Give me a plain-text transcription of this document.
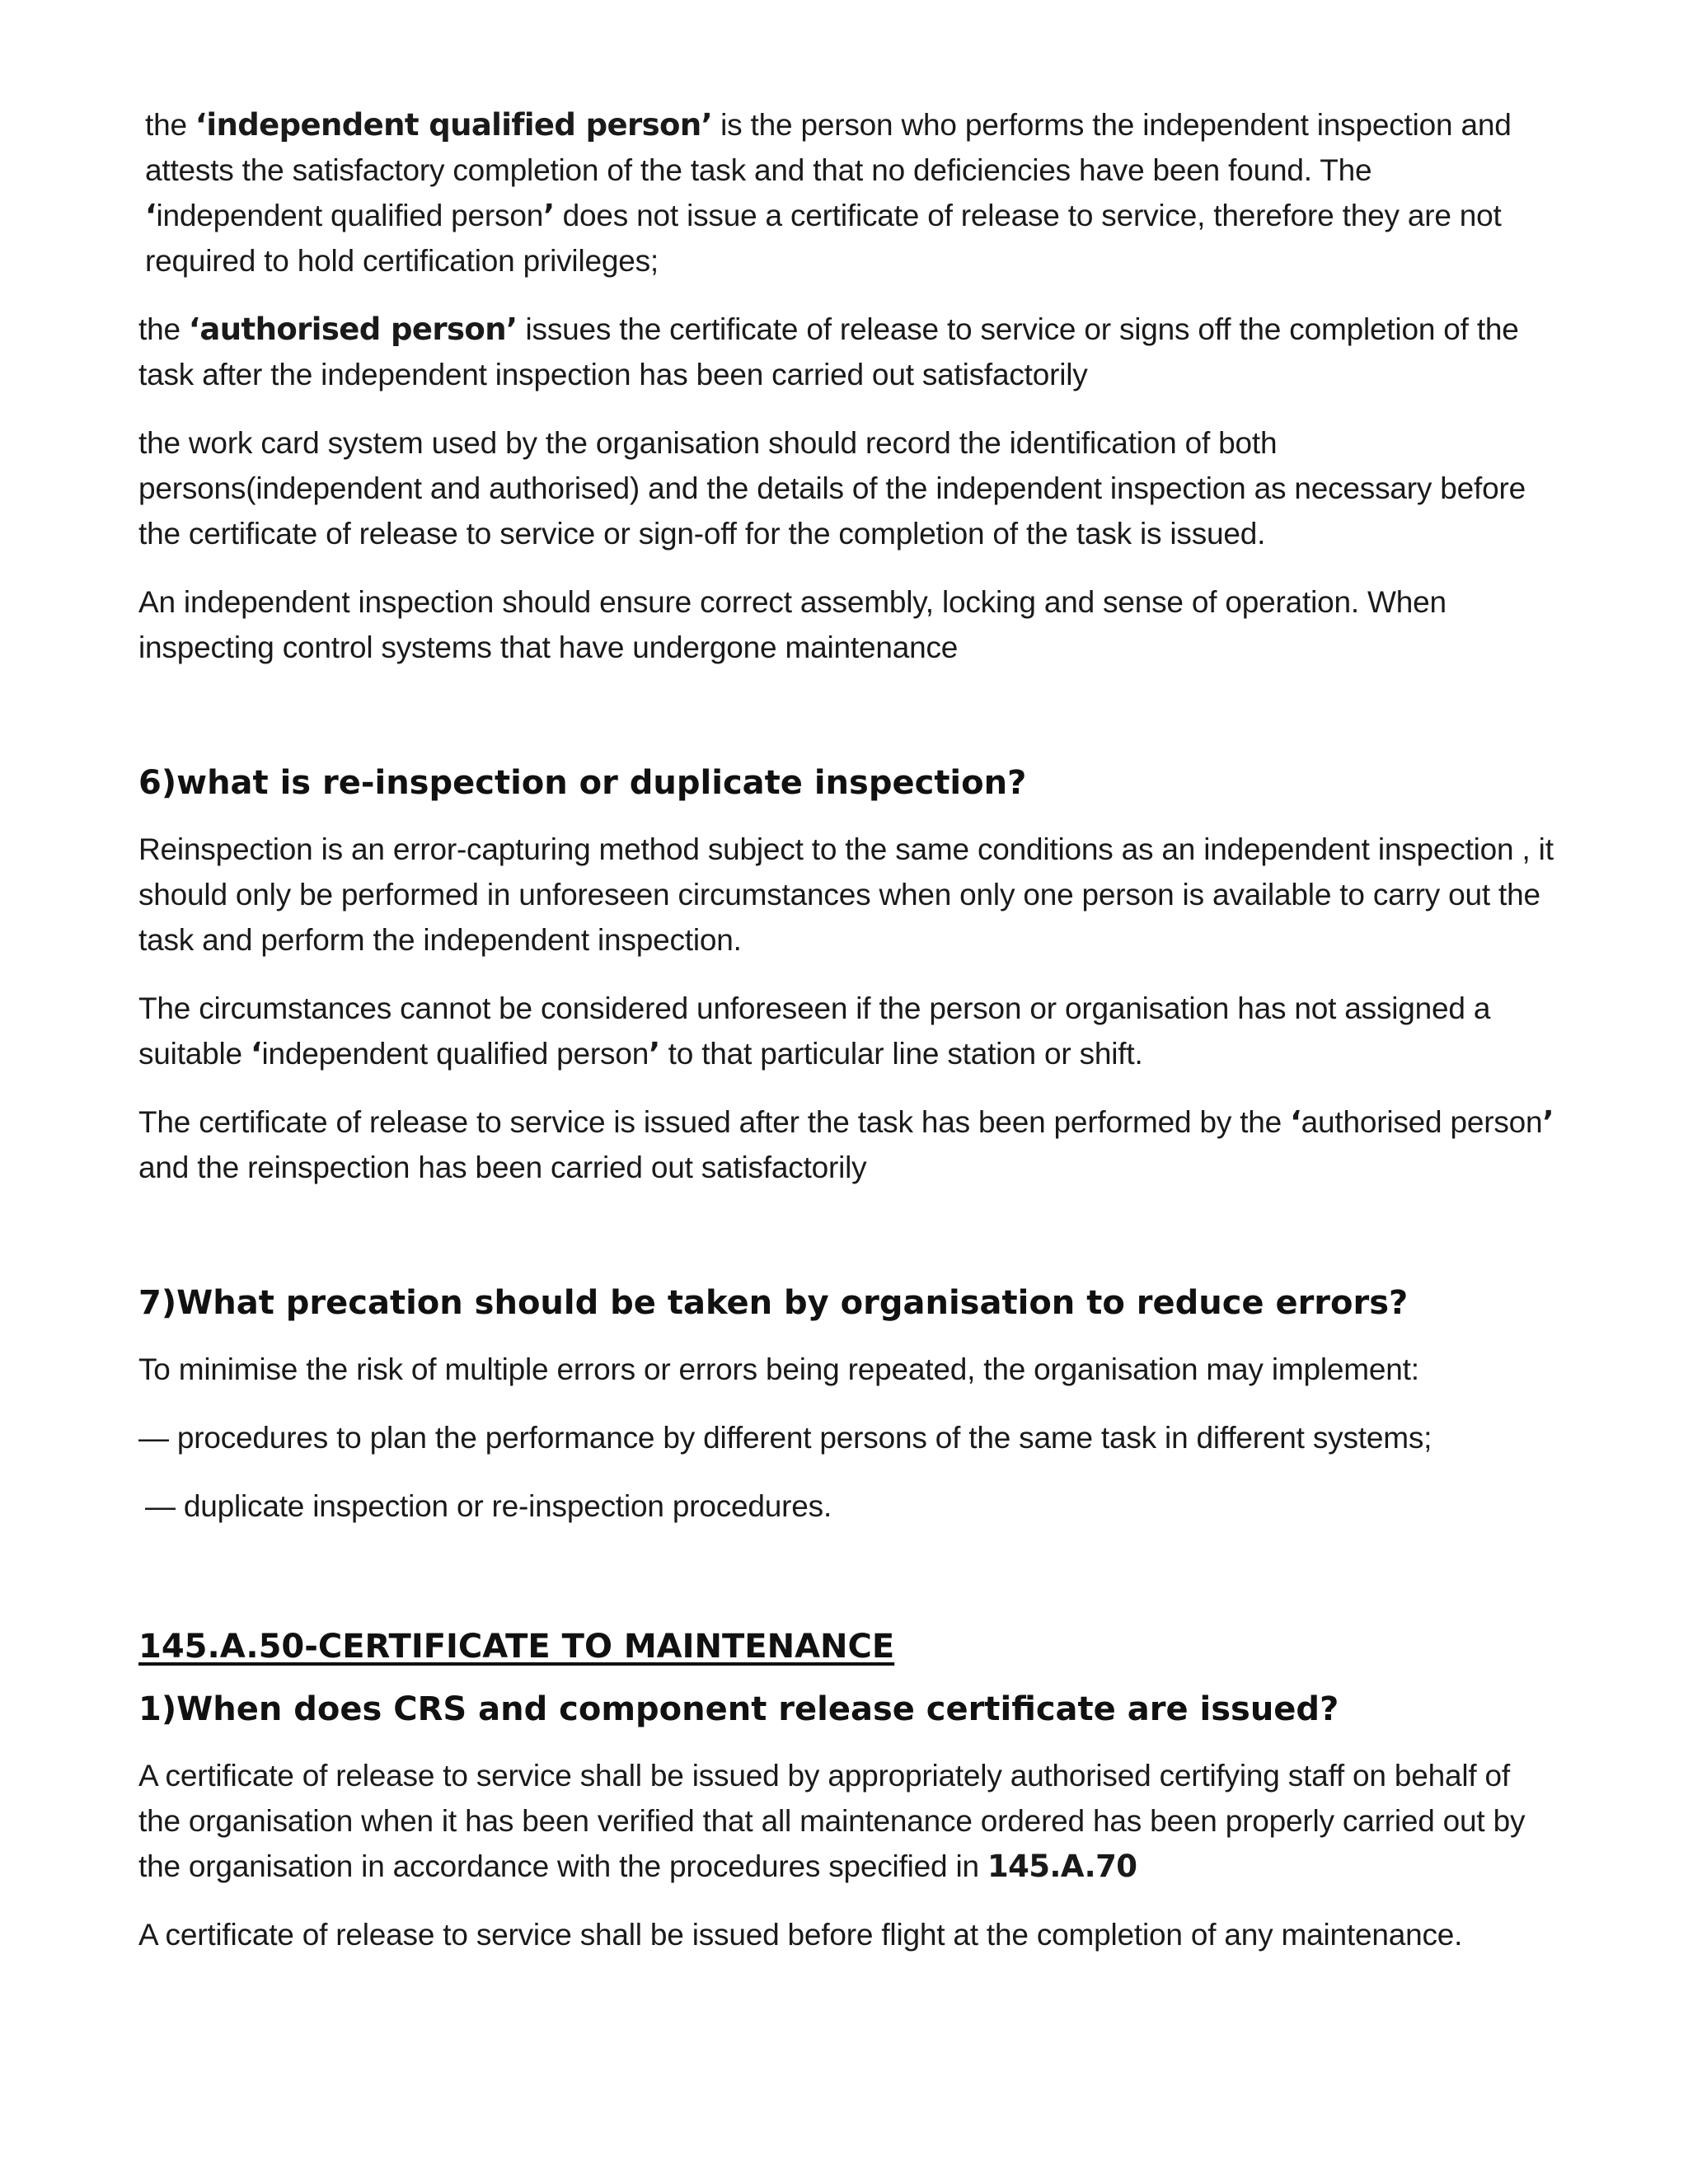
the ‘independent qualified person’ is the person who performs the independent inspection and attests the satisfactory completion of the task and that no deficiencies have been found. The ‘independent qualified person’ does not issue a certificate of release to service, therefore they are not required to hold certification privileges;

the ‘authorised person’ issues the certificate of release to service or signs off the completion of the task after the independent inspection has been carried out satisfactorily

the work card system used by the organisation should record the identification of both persons(independent and authorised) and the details of the independent inspection as necessary before the certificate of release to service or sign-off for the completion of the task is issued.

An independent inspection should ensure correct assembly, locking and sense of operation. When inspecting control systems that have undergone maintenance

6)what is re-inspection or duplicate inspection?

Reinspection is an error-capturing method subject to the same conditions as an independent inspection , it should only be performed in unforeseen circumstances when only one person is available to carry out the task and perform the independent inspection.

The circumstances cannot be considered unforeseen if the person or organisation has not assigned a suitable ‘independent qualified person’ to that particular line station or shift.

The certificate of release to service is issued after the task has been performed by the ‘authorised person’ and the reinspection has been carried out satisfactorily

7)What precation should be taken by organisation to reduce errors?

To minimise the risk of multiple errors or errors being repeated, the organisation may implement:

— procedures to plan the performance by different persons of the same task in different systems;

— duplicate inspection or re-inspection procedures.

145.A.50-CERTIFICATE TO MAINTENANCE
1)When does CRS and component release certificate are issued?

A certificate of release to service shall be issued by appropriately authorised certifying staff on behalf of the organisation when it has been verified that all maintenance ordered has been properly carried out by the organisation in accordance with the procedures specified in 145.A.70

A certificate of release to service shall be issued before flight at the completion of any maintenance.
